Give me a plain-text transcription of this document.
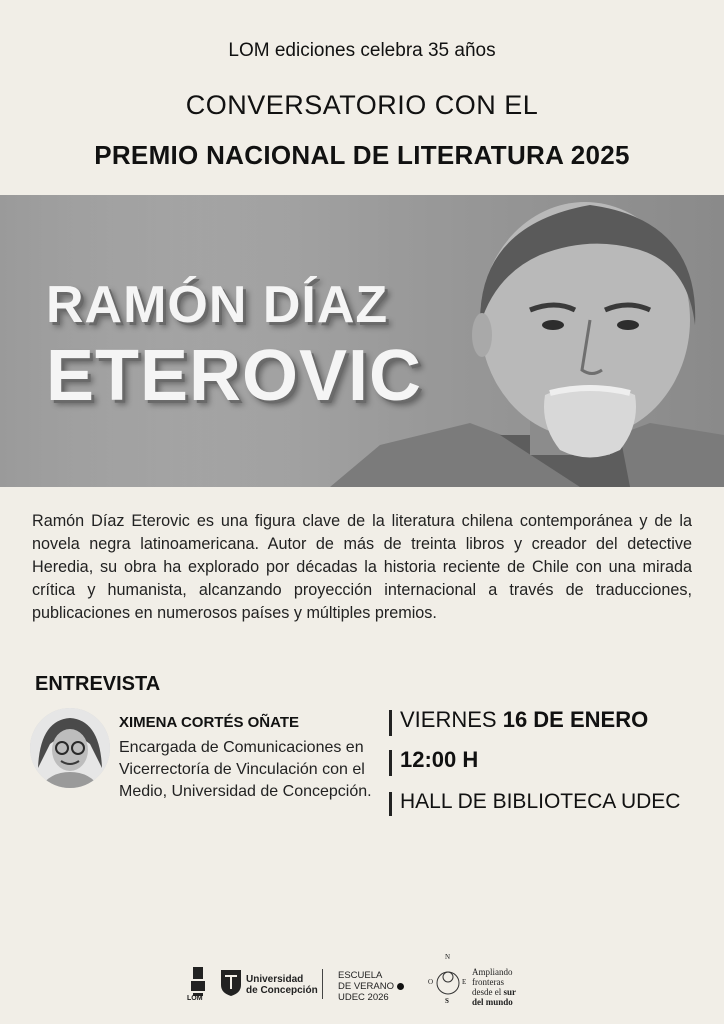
LOM ediciones celebra 35 años
CONVERSATORIO CON EL
PREMIO NACIONAL DE LITERATURA 2025
RAMÓN DÍAZ
ETEROVIC
Ramón Díaz Eterovic es una figura clave de la literatura chilena contemporánea y de la novela negra latinoamericana. Autor de más de treinta libros y creador del detective Heredia, su obra ha explorado por décadas la historia reciente de Chile con una mirada crítica y humanista, alcanzando proyección internacional a través de traducciones, publicaciones en numerosos países y múltiples premios.
ENTREVISTA
XIMENA CORTÉS OÑATE
Encargada de Comunicaciones en Vicerrectoría de Vinculación con el Medio, Universidad de Concepción.
VIERNES 16 DE ENERO
12:00 H
HALL DE BIBLIOTECA UDEC
LOM
Universidad
de Concepción
ESCUELA
DE VERANO
UDEC 2026
N
O	E
S
Ampliando
fronteras
desde el sur
del mundo
